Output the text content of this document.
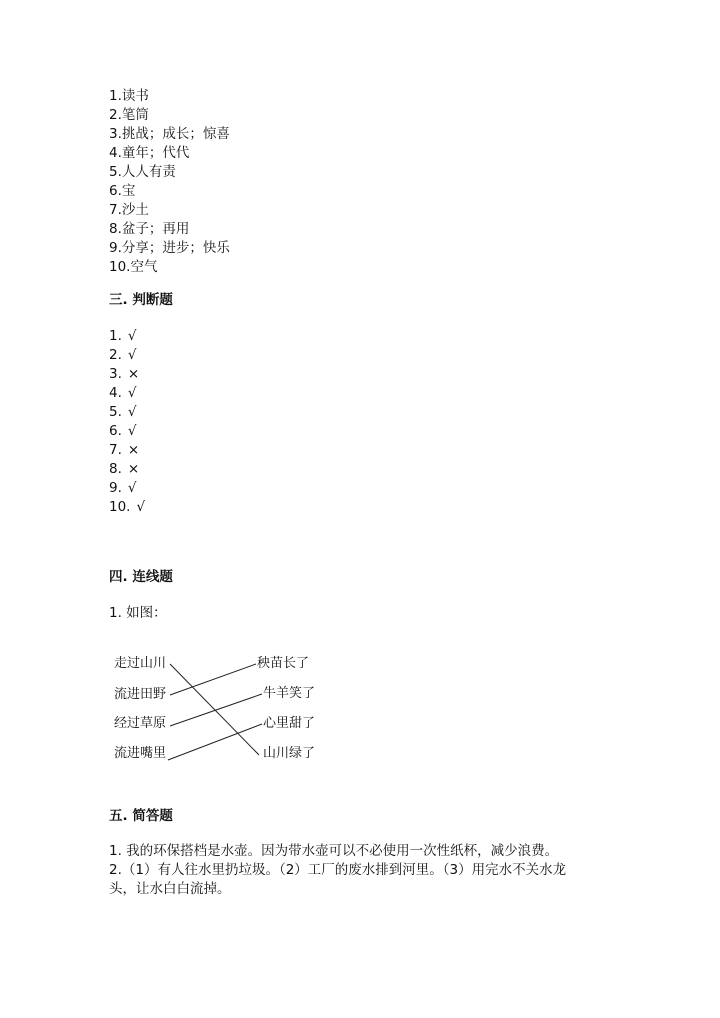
1.读书
2.笔筒
3.挑战；成长；惊喜
4.童年；代代
5.人人有责
6.宝
7.沙土
8.盆子；再用
9.分享；进步；快乐
10.空气
三. 判断题
1. √
2. √
3. ×
4. √
5. √
6. √
7. ×
8. ×
9. √
10. √
四. 连线题

1. 如图：

走过山川
流进田野
经过草原
流进嘴里
秧苗长了
牛羊笑了
心里甜了
山川绿了
五. 简答题

1. 我的环保搭档是水壶。因为带水壶可以不必使用一次性纸杯，减少浪费。

2.（1）有人往水里扔垃圾。（2）工厂的废水排到河里。（3）用完水不关水龙

头，让水白白流掉。
